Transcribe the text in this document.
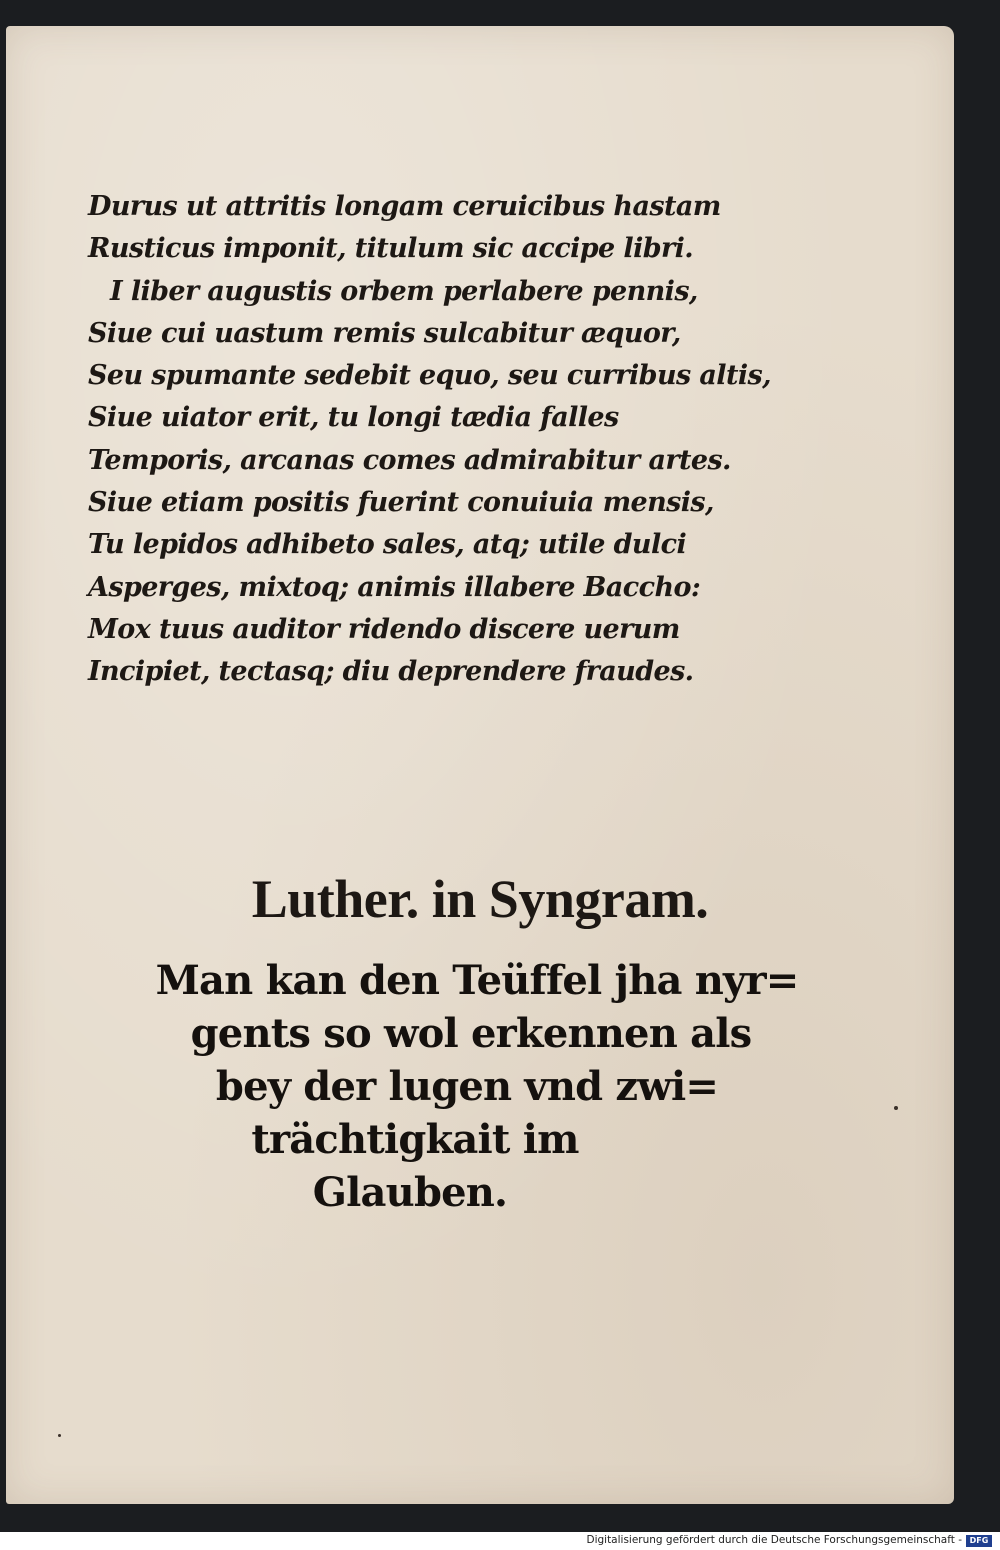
Durus ut attritis longam ceruicibus hastam
Rusticus imponit, titulum sic accipe libri.
I liber augustis orbem perlabere pennis,
Siue cui uastum remis sulcabitur æquor,
Seu spumante sedebit equo, seu curribus altis,
Siue uiator erit, tu longi tædia falles
Temporis, arcanas comes admirabitur artes.
Siue etiam positis fuerint conuiuia mensis,
Tu lepidos adhibeto sales, atq; utile dulci
Asperges, mixtoq; animis illabere Baccho:
Mox tuus auditor ridendo discere uerum
Incipiet, tectasq; diu deprendere fraudes.
Luther. in Syngram.
Man kan den Teüffel jha nyr=
gents so wol erkennen als
bey der lugen vnd zwi=
trächtigkait im
Glauben.
Digitalisierung gefördert durch die Deutsche Forschungsgemeinschaft - DFG
